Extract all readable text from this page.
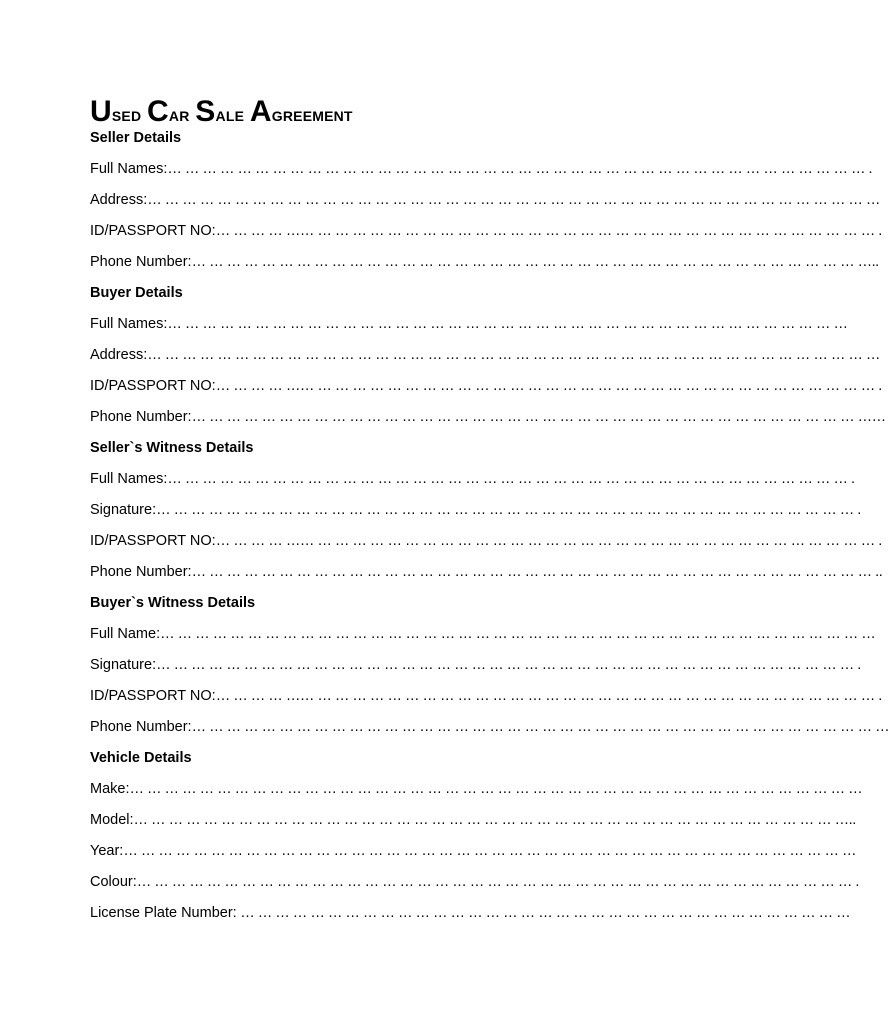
Used Car Sale Agreement
Seller Details
Full Names:… … … … … … … … … … … … … … … … … … … … … … … … … … … … … … … … … … … … … … … … .
Address:… … … … … … … … … … … … … … … … … … … … … … … … … … … … … … … … … … … … … … … … … …
ID/PASSPORT NO:… … … … …… … … … … … … … … … … … … … … … … … … … … … … … … … … … … … … … … .
Phone Number:… … … … … … … … … … … … … … … … … … … … … … … … … … … … … … … … … … … … … … …..
Buyer Details
Full Names:… … … … … … … … … … … … … … … … … … … … … … … … … … … … … … … … … … … … … … …
Address:… … … … … … … … … … … … … … … … … … … … … … … … … … … … … … … … … … … … … … … … … …
ID/PASSPORT NO:… … … … …… … … … … … … … … … … … … … … … … … … … … … … … … … … … … … … … … .
Phone Number:… … … … … … … … … … … … … … … … … … … … … … … … … … … … … … … … … … … … … … ……
Seller`s Witness Details
Full Names:… … … … … … … … … … … … … … … … … … … … … … … … … … … … … … … … … … … … … … … .
Signature:… … … … … … … … … … … … … … … … … … … … … … … … … … … … … … … … … … … … … … … … .
ID/PASSPORT NO:… … … … …… … … … … … … … … … … … … … … … … … … … … … … … … … … … … … … … … .
Phone Number:… … … … … … … … … … … … … … … … … … … … … … … … … … … … … … … … … … … … … … … ..
Buyer`s Witness Details
Full Name:… … … … … … … … … … … … … … … … … … … … … … … … … … … … … … … … … … … … … … … … …
Signature:… … … … … … … … … … … … … … … … … … … … … … … … … … … … … … … … … … … … … … … … .
ID/PASSPORT NO:… … … … …… … … … … … … … … … … … … … … … … … … … … … … … … … … … … … … … … .
Phone Number:… … … … … … … … … … … … … … … … … … … … … … … … … … … … … … … … … … … … … … … …
Vehicle Details
Make:… … … … … … … … … … … … … … … … … … … … … … … … … … … … … … … … … … … … … … … … … …
Model:… … … … … … … … … … … … … … … … … … … … … … … … … … … … … … … … … … … … … … … … …..
Year:… … … … … … … … … … … … … … … … … … … … … … … … … … … … … … … … … … … … … … … … … …
Colour:… … … … … … … … … … … … … … … … … … … … … … … … … … … … … … … … … … … … … … … … … .
License Plate Number: … … … … … … … … … … … … … … … … … … … … … … … … … … … … … … … … … … …
